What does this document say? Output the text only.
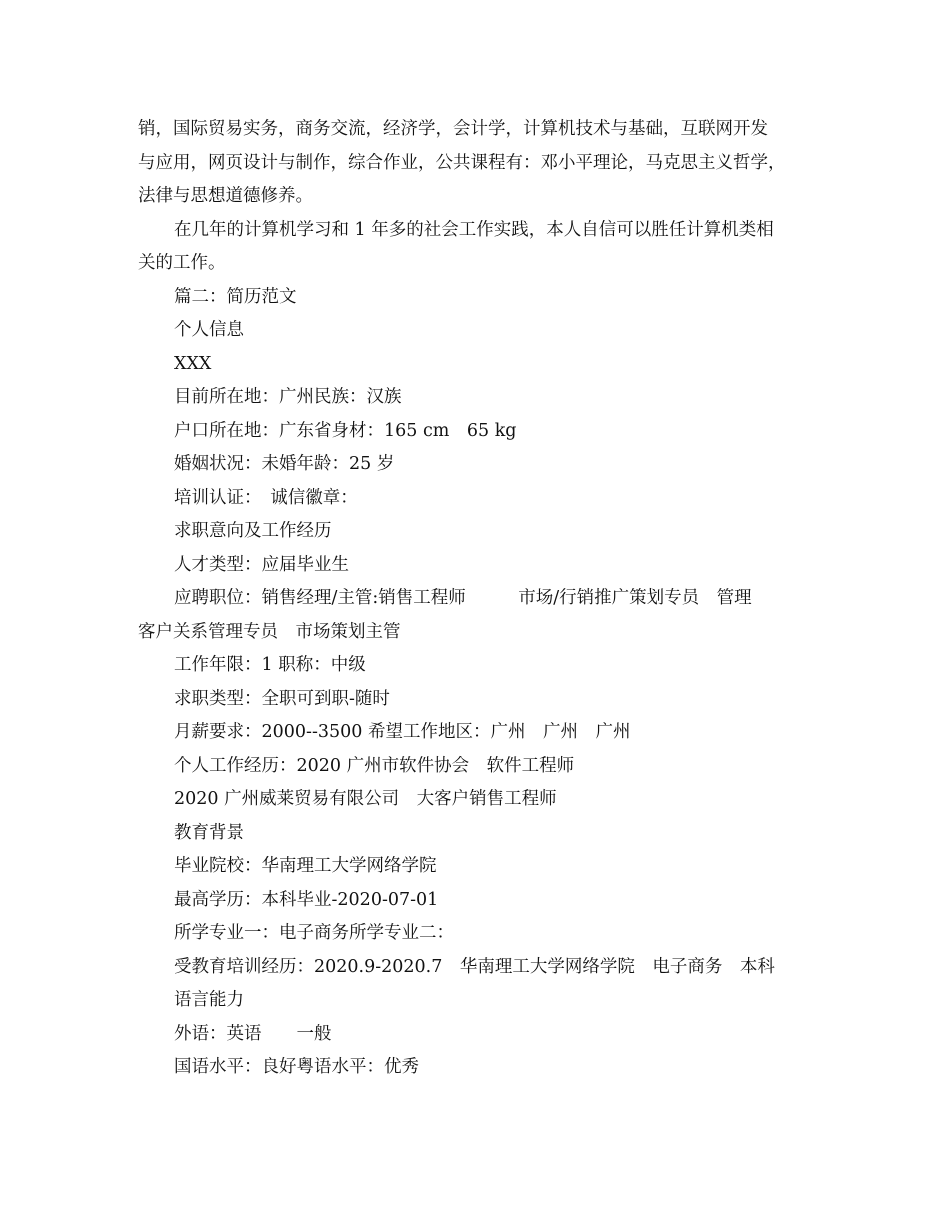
销，国际贸易实务，商务交流，经济学，会计学，计算机技术与基础，互联网开发
与应用，网页设计与制作，综合作业，公共课程有：邓小平理论，马克思主义哲学，
法律与思想道德修养。

在几年的计算机学习和 1 年多的社会工作实践，本人自信可以胜任计算机类相
关的工作。

篇二：简历范文

个人信息

XXX

目前所在地：广州民族：汉族

户口所在地：广东省身材：165 cm　65 kg

婚姻状况：未婚年龄：25 岁

培训认证：　诚信徽章：

求职意向及工作经历

人才类型：应届毕业生

应聘职位：销售经理/主管:销售工程师　　　市场/行销推广策划专员　管理
客户关系管理专员　市场策划主管

工作年限：1 职称：中级

求职类型：全职可到职-随时

月薪要求：2000--3500 希望工作地区：广州　广州　广州

个人工作经历：2020 广州市软件协会　软件工程师

2020 广州威莱贸易有限公司　大客户销售工程师

教育背景

毕业院校：华南理工大学网络学院

最高学历：本科毕业-2020-07-01

所学专业一：电子商务所学专业二：

受教育培训经历：2020.9-2020.7　华南理工大学网络学院　电子商务　本科

语言能力

外语：英语　　一般

国语水平：良好粤语水平：优秀
